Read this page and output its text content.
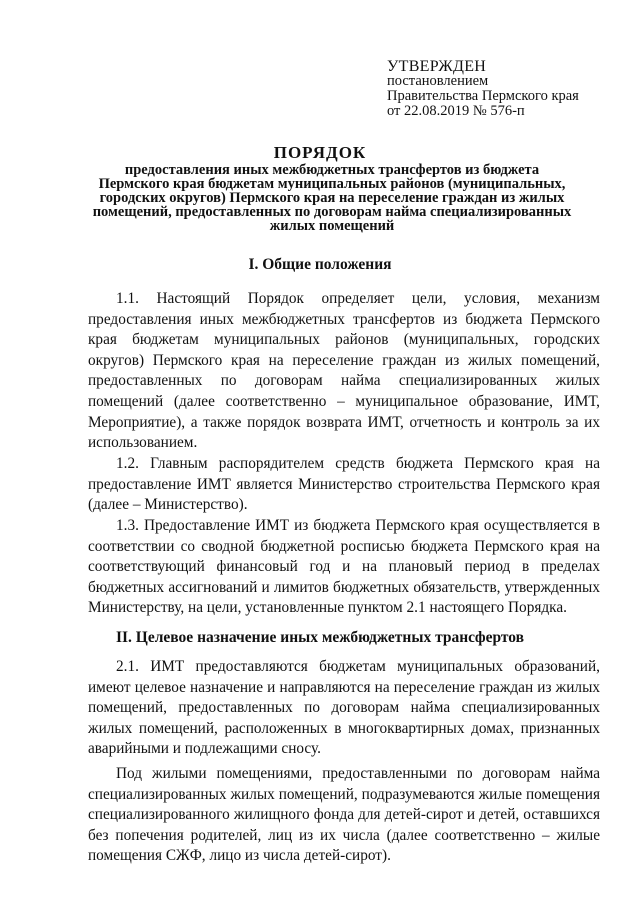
УТВЕРЖДЕН
постановлением
Правительства Пермского края
от 22.08.2019 № 576-п
ПОРЯДОК
предоставления иных межбюджетных трансфертов из бюджета Пермского края бюджетам муниципальных районов (муниципальных, городских округов) Пермского края на переселение граждан из жилых помещений, предоставленных по договорам найма специализированных жилых помещений
I. Общие положения

1.1. Настоящий Порядок определяет цели, условия, механизм предоставления иных межбюджетных трансфертов из бюджета Пермского края бюджетам муниципальных районов (муниципальных, городских округов) Пермского края на переселение граждан из жилых помещений, предоставленных по договорам найма специализированных жилых помещений (далее соответственно – муниципальное образование, ИМТ, Мероприятие), а также порядок возврата ИМТ, отчетность и контроль за их использованием.

1.2. Главным распорядителем средств бюджета Пермского края на предоставление ИМТ является Министерство строительства Пермского края (далее – Министерство).

1.3. Предоставление ИМТ из бюджета Пермского края осуществляется в соответствии со сводной бюджетной росписью бюджета Пермского края на соответствующий финансовый год и на плановый период в пределах бюджетных ассигнований и лимитов бюджетных обязательств, утвержденных Министерству, на цели, установленные пунктом 2.1 настоящего Порядка.

II. Целевое назначение иных межбюджетных трансфертов

2.1. ИМТ предоставляются бюджетам муниципальных образований, имеют целевое назначение и направляются на переселение граждан из жилых помещений, предоставленных по договорам найма специализированных жилых помещений, расположенных в многоквартирных домах, признанных аварийными и подлежащими сносу.

Под жилыми помещениями, предоставленными по договорам найма специализированных жилых помещений, подразумеваются жилые помещения специализированного жилищного фонда для детей-сирот и детей, оставшихся без попечения родителей, лиц из их числа (далее соответственно – жилые помещения СЖФ, лицо из числа детей-сирот).
